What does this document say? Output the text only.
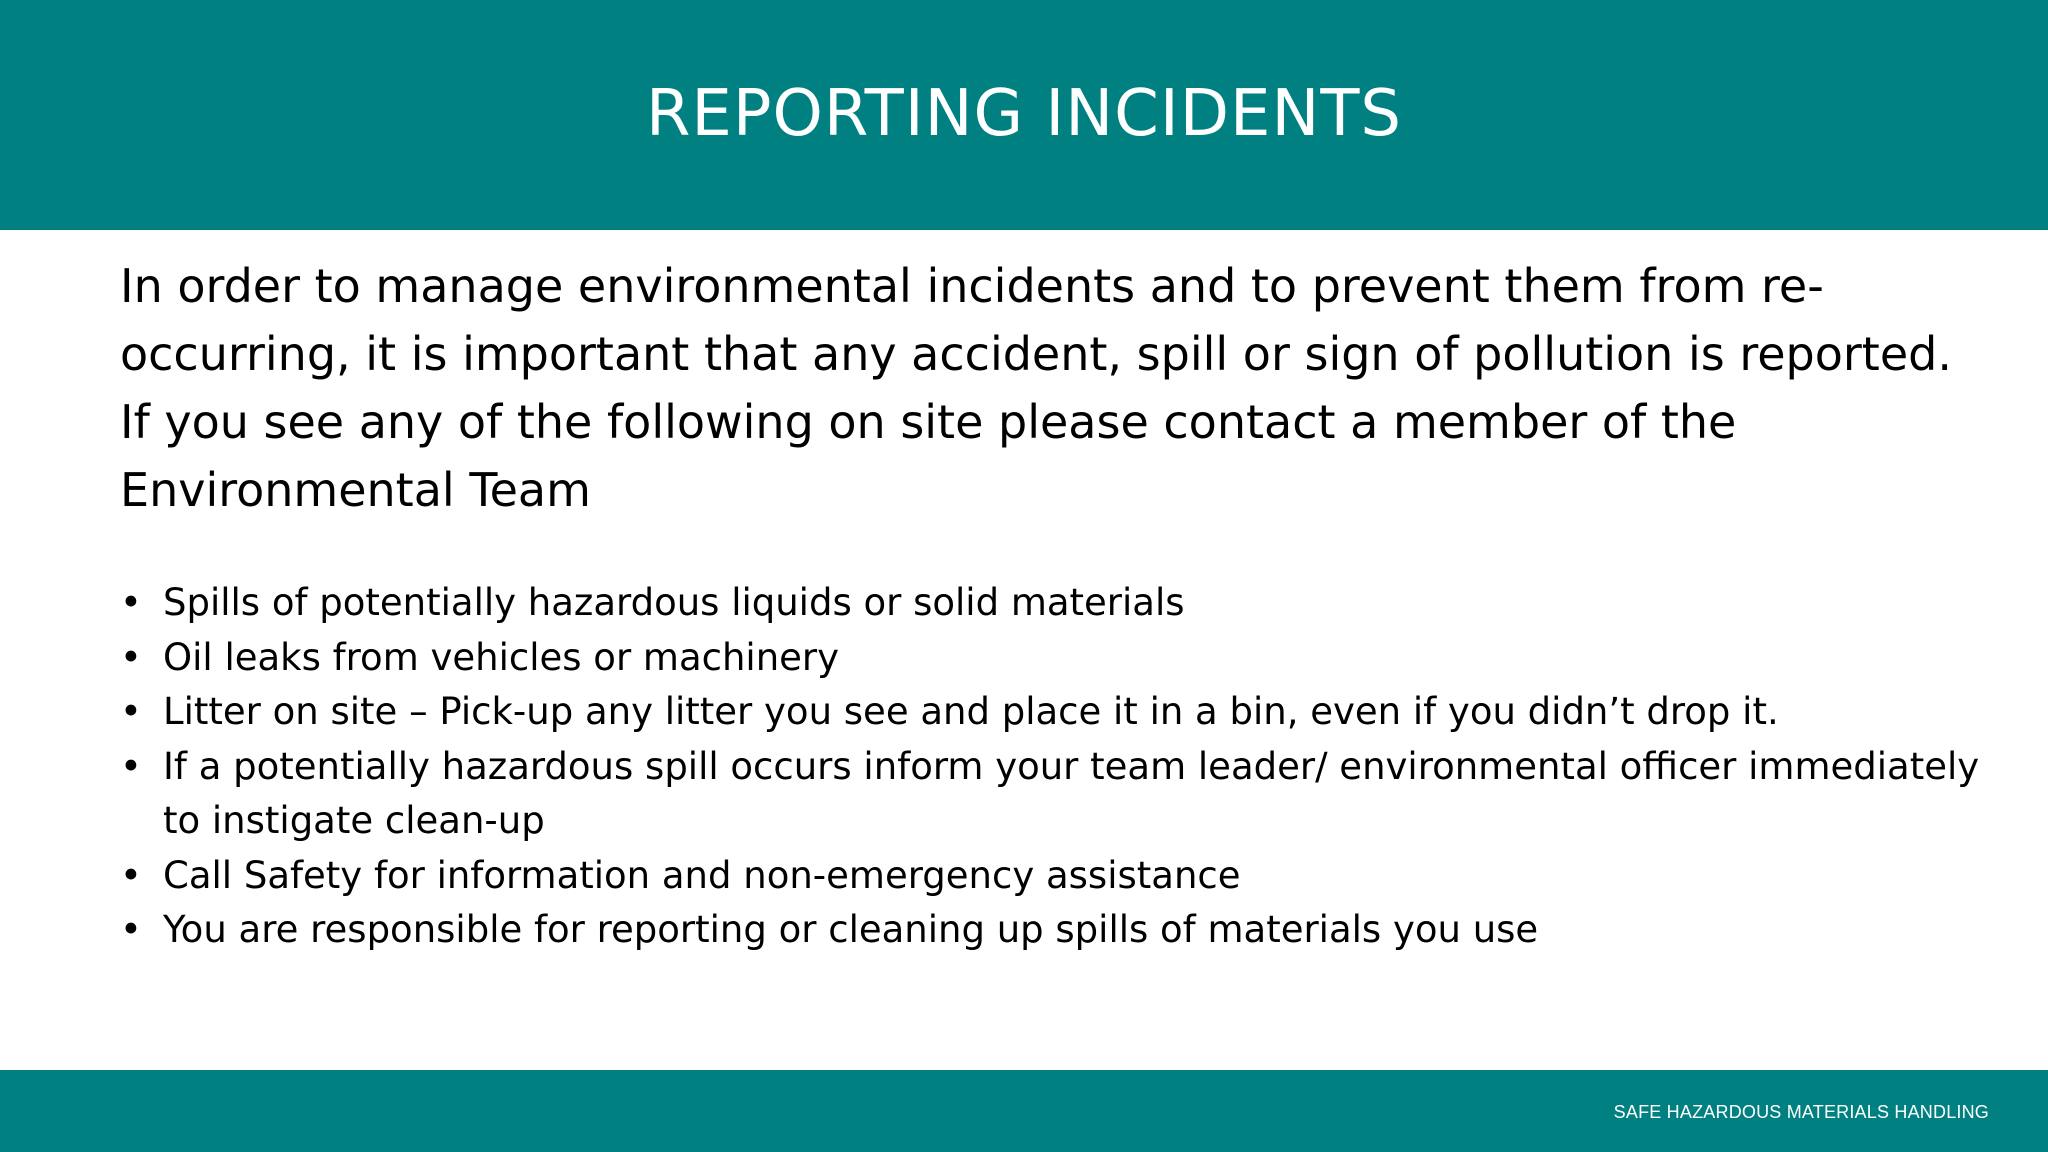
REPORTING INCIDENTS

In order to manage environmental incidents and to prevent them from re-occurring, it is important that any accident, spill or sign of pollution is reported. If you see any of the following on site please contact a member of the Environmental Team

• Spills of potentially hazardous liquids or solid materials
• Oil leaks from vehicles or machinery
• Litter on site – Pick-up any litter you see and place it in a bin, even if you didn’t drop it.
• If a potentially hazardous spill occurs inform your team leader/ environmental officer immediately to instigate clean-up
• Call Safety for information and non-emergency assistance
• You are responsible for reporting or cleaning up spills of materials you use
SAFE HAZARDOUS MATERIALS HANDLING
